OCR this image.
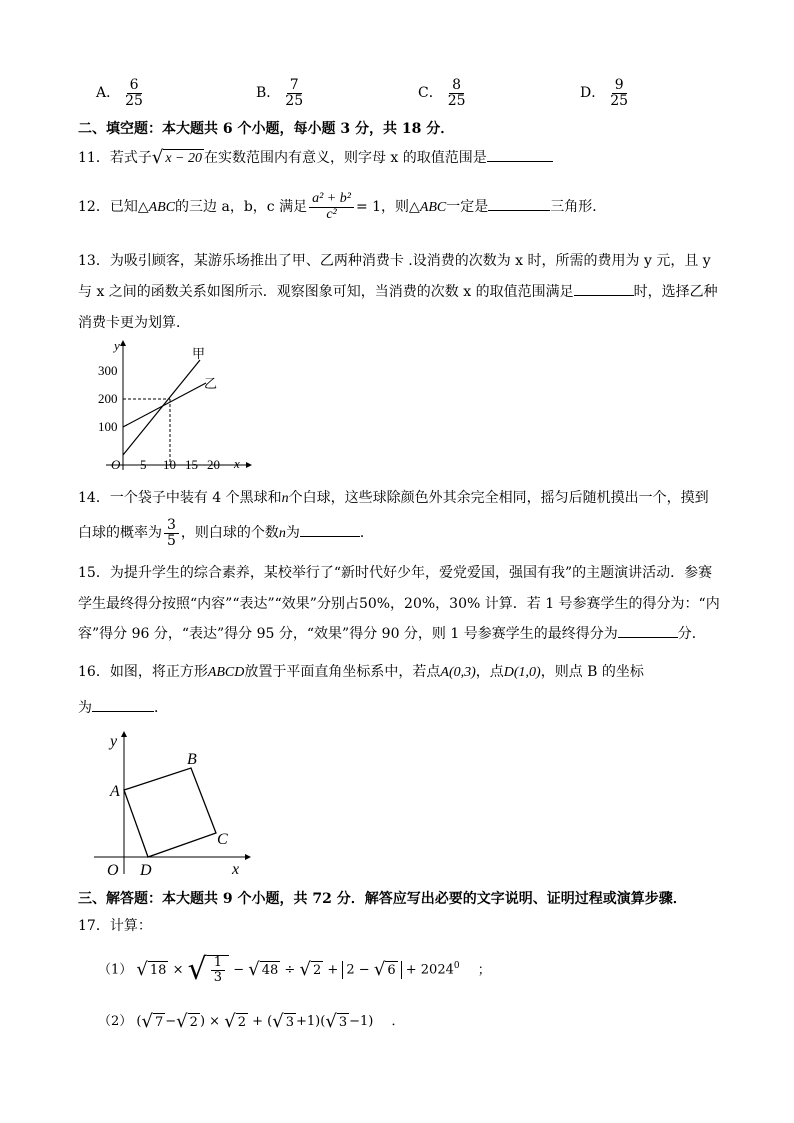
A． $\frac{6}{25}$	B． $\frac{7}{25}$	C． $\frac{8}{25}$	D． $\frac{9}{25}$
二、填空题：本大题共 6 个小题，每小题 3 分，共 18 分．
11．若式子 √ x − 20 在实数范围内有意义，则字母 x 的取值范围是
12．已知△ABC的三边 a，b，c 满足 $\frac{\text{a² + b²}}{\text{c²}} = 1$，则△ABC一定是	三角形．
13．为吸引顾客，某游乐场推出了甲、乙两种消费卡 .设消费的次数为 x 时，所需的费用为 y 元，且 y
与 x 之间的函数关系如图所示．观察图象可知，当消费的次数 x 的取值范围满足	时，选择乙种
消费卡更为划算．
y
x
O
300
200
100
5 10 15 20
甲
乙
14．一个袋子中装有 4 个黑球和n个白球，这些球除颜色外其余完全相同，摇匀后随机摸出一个，摸到
白球的概率为 $\frac{3}{5}$ ，则白球的个数n为	．
15．为提升学生的综合素养，某校举行了“新时代好少年，爱党爱国，强国有我”的主题演讲活动．参赛
学生最终得分按照“内容”“表达”“效果”分别占50%，20%，30% 计算．若 1 号参赛学生的得分为：“内
容”得分 96 分，“表达”得分 95 分，“效果”得分 90 分，则 1 号参赛学生的最终得分为	分．
16．如图，将正方形ABCD放置于平面直角坐标系中，若点A(0,3)，点D(1,0)，则点 B 的坐标
为	．
y
x
O
A
B
C
D
三、解答题：本大题共 9 个小题，共 72 分．解答应写出必要的文字说明、证明过程或演算步骤．
17．计算：
（1） √ 18 × √ $\frac{1}{3}$ − √ 48 ÷ √ 2 + 2 − √ $6 + 2024^0$ ；
（2） ( √ 7 − √ 2 ) × √ 2 + ( √ 3 +1)( √ 3 −1) ．
